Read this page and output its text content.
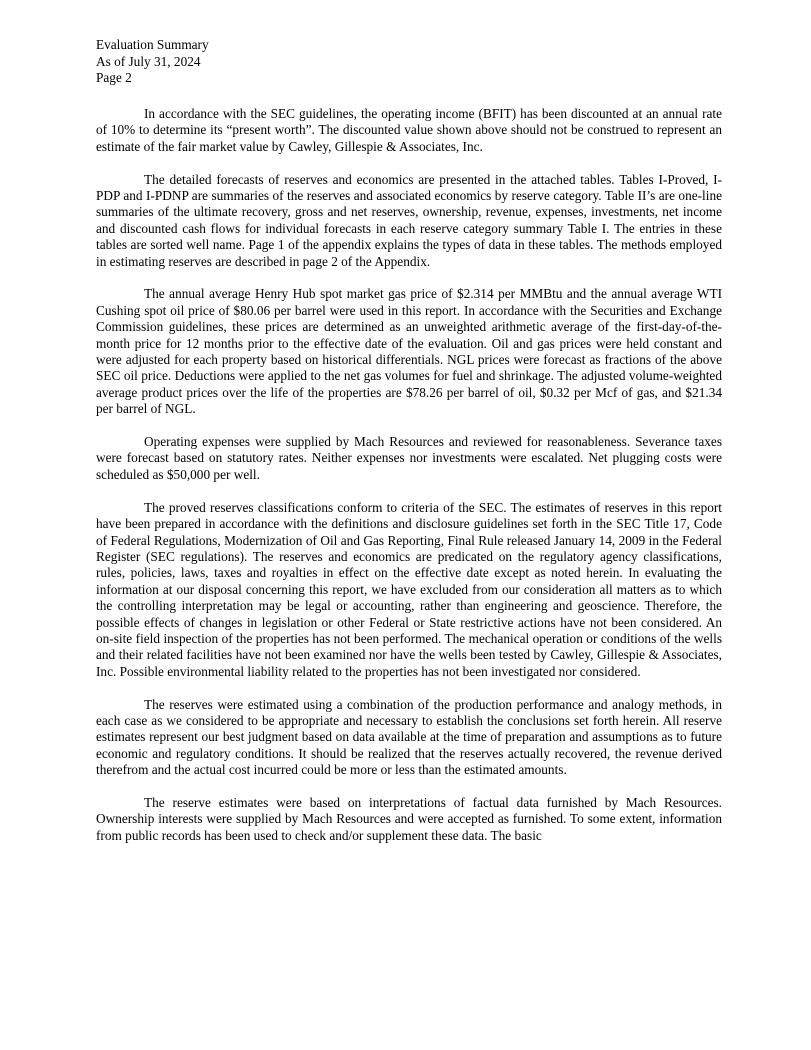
Evaluation Summary
As of July 31, 2024
Page 2

In accordance with the SEC guidelines, the operating income (BFIT) has been discounted at an annual rate of 10% to determine its “present worth”. The discounted value shown above should not be construed to represent an estimate of the fair market value by Cawley, Gillespie & Associates, Inc.

The detailed forecasts of reserves and economics are presented in the attached tables. Tables I-Proved, I-PDP and I-PDNP are summaries of the reserves and associated economics by reserve category. Table II’s are one-line summaries of the ultimate recovery, gross and net reserves, ownership, revenue, expenses, investments, net income and discounted cash flows for individual forecasts in each reserve category summary Table I. The entries in these tables are sorted well name. Page 1 of the appendix explains the types of data in these tables. The methods employed in estimating reserves are described in page 2 of the Appendix.

The annual average Henry Hub spot market gas price of $2.314 per MMBtu and the annual average WTI Cushing spot oil price of $80.06 per barrel were used in this report. In accordance with the Securities and Exchange Commission guidelines, these prices are determined as an unweighted arithmetic average of the first-day-of-the-month price for 12 months prior to the effective date of the evaluation. Oil and gas prices were held constant and were adjusted for each property based on historical differentials. NGL prices were forecast as fractions of the above SEC oil price. Deductions were applied to the net gas volumes for fuel and shrinkage. The adjusted volume-weighted average product prices over the life of the properties are $78.26 per barrel of oil, $0.32 per Mcf of gas, and $21.34 per barrel of NGL.

Operating expenses were supplied by Mach Resources and reviewed for reasonableness. Severance taxes were forecast based on statutory rates. Neither expenses nor investments were escalated. Net plugging costs were scheduled as $50,000 per well.

The proved reserves classifications conform to criteria of the SEC. The estimates of reserves in this report have been prepared in accordance with the definitions and disclosure guidelines set forth in the SEC Title 17, Code of Federal Regulations, Modernization of Oil and Gas Reporting, Final Rule released January 14, 2009 in the Federal Register (SEC regulations). The reserves and economics are predicated on the regulatory agency classifications, rules, policies, laws, taxes and royalties in effect on the effective date except as noted herein. In evaluating the information at our disposal concerning this report, we have excluded from our consideration all matters as to which the controlling interpretation may be legal or accounting, rather than engineering and geoscience. Therefore, the possible effects of changes in legislation or other Federal or State restrictive actions have not been considered. An on-site field inspection of the properties has not been performed. The mechanical operation or conditions of the wells and their related facilities have not been examined nor have the wells been tested by Cawley, Gillespie & Associates, Inc. Possible environmental liability related to the properties has not been investigated nor considered.

The reserves were estimated using a combination of the production performance and analogy methods, in each case as we considered to be appropriate and necessary to establish the conclusions set forth herein. All reserve estimates represent our best judgment based on data available at the time of preparation and assumptions as to future economic and regulatory conditions. It should be realized that the reserves actually recovered, the revenue derived therefrom and the actual cost incurred could be more or less than the estimated amounts.

The reserve estimates were based on interpretations of factual data furnished by Mach Resources. Ownership interests were supplied by Mach Resources and were accepted as furnished. To some extent, information from public records has been used to check and/or supplement these data. The basic
